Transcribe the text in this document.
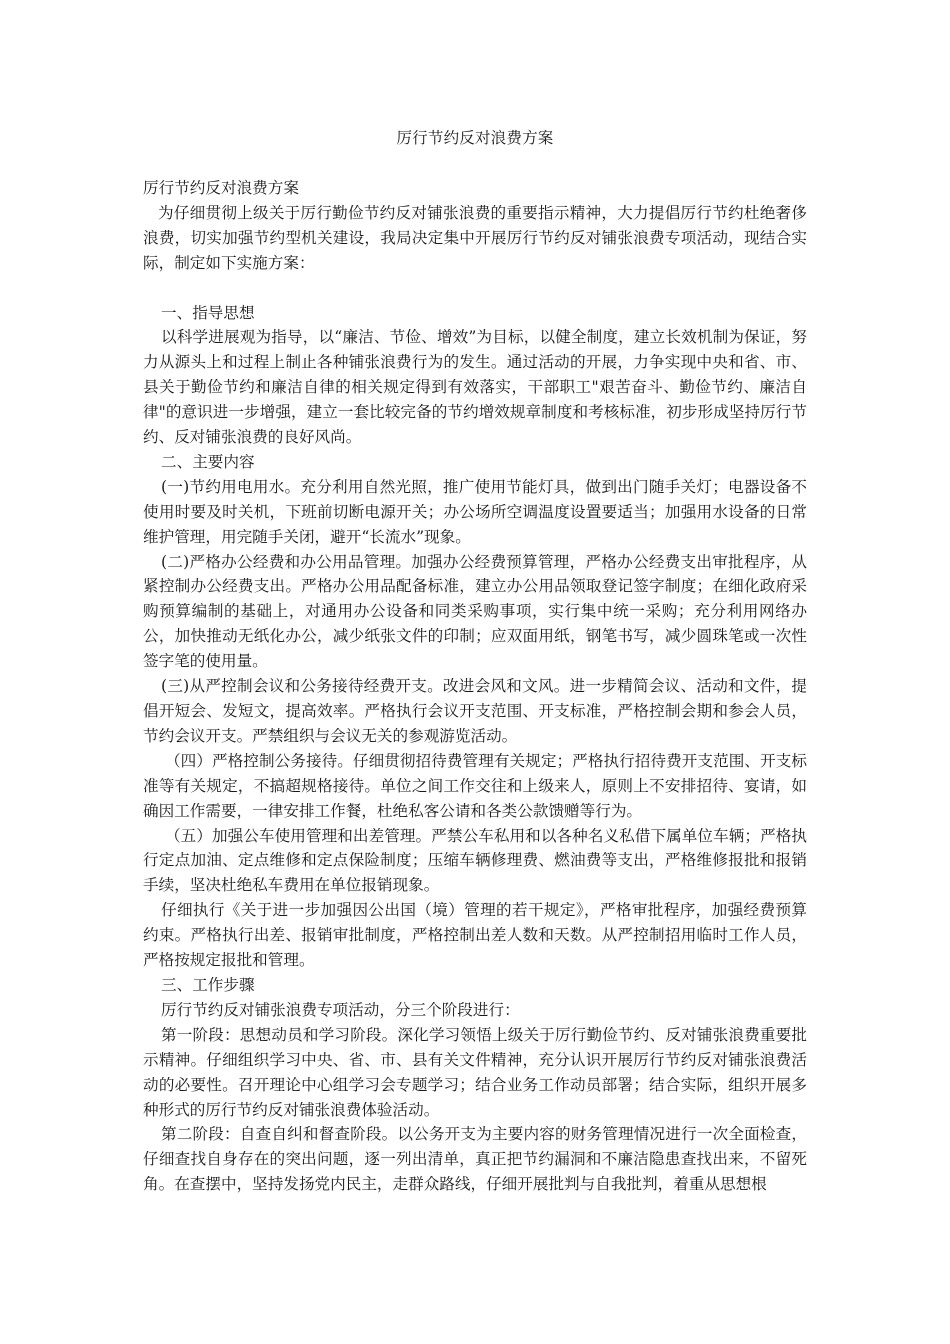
厉行节约反对浪费方案

厉行节约反对浪费方案

为仔细贯彻上级关于厉行勤俭节约反对铺张浪费的重要指示精神，大力提倡厉行节约杜绝奢侈浪费，切实加强节约型机关建设，我局决定集中开展厉行节约反对铺张浪费专项活动，现结合实际，制定如下实施方案：

一、指导思想

以科学进展观为指导，以“廉洁、节俭、增效”为目标，以健全制度，建立长效机制为保证，努力从源头上和过程上制止各种铺张浪费行为的发生。通过活动的开展，力争实现中央和省、市、县关于勤俭节约和廉洁自律的相关规定得到有效落实，干部职工"艰苦奋斗、勤俭节约、廉洁自律"的意识进一步增强，建立一套比较完备的节约增效规章制度和考核标准，初步形成坚持厉行节约、反对铺张浪费的良好风尚。

二、主要内容

(一)节约用电用水。充分利用自然光照，推广使用节能灯具，做到出门随手关灯；电器设备不使用时要及时关机，下班前切断电源开关；办公场所空调温度设置要适当；加强用水设备的日常维护管理，用完随手关闭，避开“长流水”现象。

(二)严格办公经费和办公用品管理。加强办公经费预算管理，严格办公经费支出审批程序，从紧控制办公经费支出。严格办公用品配备标准，建立办公用品领取登记签字制度；在细化政府采购预算编制的基础上，对通用办公设备和同类采购事项，实行集中统一采购；充分利用网络办公，加快推动无纸化办公，减少纸张文件的印制；应双面用纸，钢笔书写，减少圆珠笔或一次性签字笔的使用量。

(三)从严控制会议和公务接待经费开支。改进会风和文风。进一步精简会议、活动和文件，提倡开短会、发短文，提高效率。严格执行会议开支范围、开支标准，严格控制会期和参会人员，节约会议开支。严禁组织与会议无关的参观游览活动。

（四）严格控制公务接待。仔细贯彻招待费管理有关规定；严格执行招待费开支范围、开支标准等有关规定，不搞超规格接待。单位之间工作交往和上级来人，原则上不安排招待、宴请，如确因工作需要，一律安排工作餐，杜绝私客公请和各类公款馈赠等行为。

（五）加强公车使用管理和出差管理。严禁公车私用和以各种名义私借下属单位车辆；严格执行定点加油、定点维修和定点保险制度；压缩车辆修理费、燃油费等支出，严格维修报批和报销手续，坚决杜绝私车费用在单位报销现象。

仔细执行《关于进一步加强因公出国（境）管理的若干规定》，严格审批程序，加强经费预算约束。严格执行出差、报销审批制度，严格控制出差人数和天数。从严控制招用临时工作人员，严格按规定报批和管理。

三、工作步骤

厉行节约反对铺张浪费专项活动，分三个阶段进行：

第一阶段：思想动员和学习阶段。深化学习领悟上级关于厉行勤俭节约、反对铺张浪费重要批示精神。仔细组织学习中央、省、市、县有关文件精神，充分认识开展厉行节约反对铺张浪费活动的必要性。召开理论中心组学习会专题学习；结合业务工作动员部署；结合实际，组织开展多种形式的厉行节约反对铺张浪费体验活动。

第二阶段：自查自纠和督查阶段。以公务开支为主要内容的财务管理情况进行一次全面检查，仔细查找自身存在的突出问题，逐一列出清单，真正把节约漏洞和不廉洁隐患查找出来，不留死角。在查摆中，坚持发扬党内民主，走群众路线，仔细开展批判与自我批判，着重从思想根
